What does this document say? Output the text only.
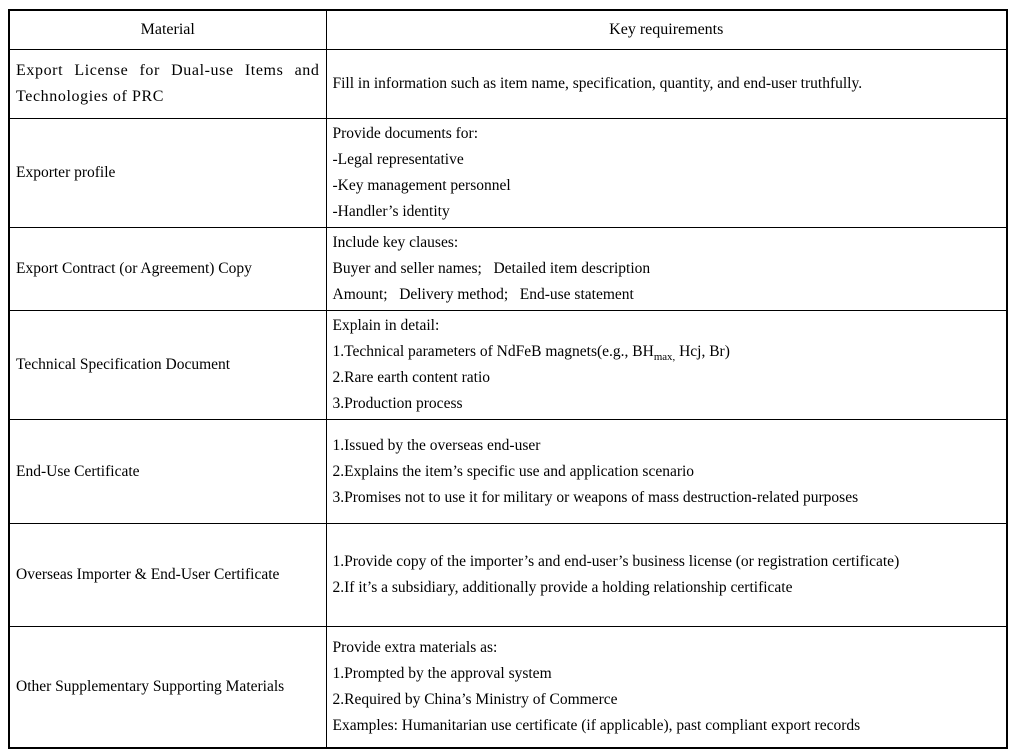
Material	Key requirements
Export License for Dual-use Items and Technologies of PRC	Fill in information such as item name, specification, quantity, and end-user truthfully.

Exporter profile	Provide documents for:
-Legal representative
-Key management personnel
-Handler’s identity

Export Contract (or Agreement) Copy	Include key clauses:
Buyer and seller names;   Detailed item description
Amount;   Delivery method;   End-use statement

Technical Specification Document	Explain in detail:
1.Technical parameters of NdFeB magnets(e.g., $BH_{max,}$ Hcj, Br)
2.Rare earth content ratio
3.Production process

End-Use Certificate	1.Issued by the overseas end-user
2.Explains the item’s specific use and application scenario
3.Promises not to use it for military or weapons of mass destruction-related purposes

Overseas Importer & End-User Certificate	1.Provide copy of the importer’s and end-user’s business license (or registration certificate)
2.If it’s a subsidiary, additionally provide a holding relationship certificate

Other Supplementary Supporting Materials	Provide extra materials as:
1.Prompted by the approval system
2.Required by China’s Ministry of Commerce
Examples: Humanitarian use certificate (if applicable), past compliant export records
